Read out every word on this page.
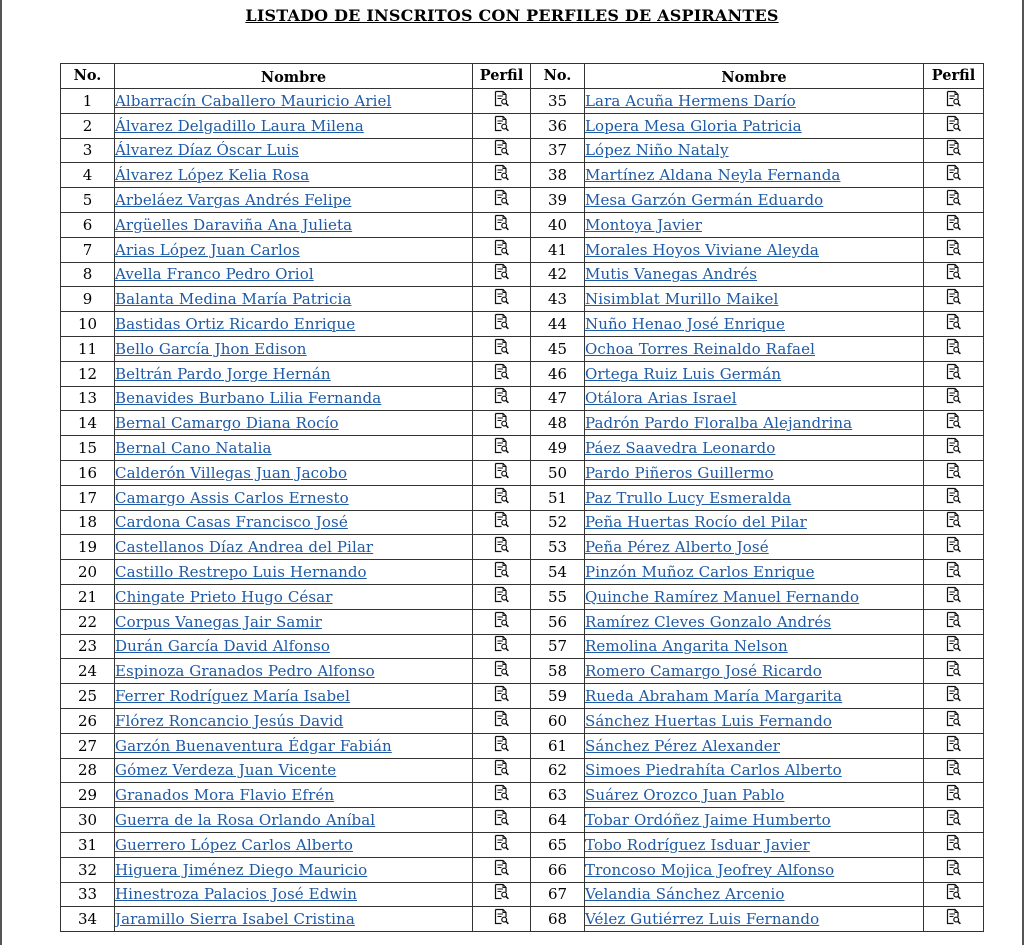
LISTADO DE INSCRITOS CON PERFILES DE ASPIRANTES
No.	Nombre	Perfil	No.	Nombre	Perfil
1	Albarracín Caballero Mauricio Ariel		35	Lara Acuña Hermens Darío	
2	Álvarez Delgadillo Laura Milena		36	Lopera Mesa Gloria Patricia	
3	Álvarez Díaz Óscar Luis		37	López Niño Nataly	
4	Álvarez López Kelia Rosa		38	Martínez Aldana Neyla Fernanda	
5	Arbeláez Vargas Andrés Felipe		39	Mesa Garzón Germán Eduardo	
6	Argüelles Daraviña Ana Julieta		40	Montoya Javier	
7	Arias López Juan Carlos		41	Morales Hoyos Viviane Aleyda	
8	Avella Franco Pedro Oriol		42	Mutis Vanegas Andrés	
9	Balanta Medina María Patricia		43	Nisimblat Murillo Maikel	
10	Bastidas Ortiz Ricardo Enrique		44	Nuño Henao José Enrique	
11	Bello García Jhon Edison		45	Ochoa Torres Reinaldo Rafael	
12	Beltrán Pardo Jorge Hernán		46	Ortega Ruiz Luis Germán	
13	Benavides Burbano Lilia Fernanda		47	Otálora Arias Israel	
14	Bernal Camargo Diana Rocío		48	Padrón Pardo Floralba Alejandrina	
15	Bernal Cano Natalia		49	Páez Saavedra Leonardo	
16	Calderón Villegas Juan Jacobo		50	Pardo Piñeros Guillermo	
17	Camargo Assis Carlos Ernesto		51	Paz Trullo Lucy Esmeralda	
18	Cardona Casas Francisco José		52	Peña Huertas Rocío del Pilar	
19	Castellanos Díaz Andrea del Pilar		53	Peña Pérez Alberto José	
20	Castillo Restrepo Luis Hernando		54	Pinzón Muñoz Carlos Enrique	
21	Chingate Prieto Hugo César		55	Quinche Ramírez Manuel Fernando	
22	Corpus Vanegas Jair Samir		56	Ramírez Cleves Gonzalo Andrés	
23	Durán García David Alfonso		57	Remolina Angarita Nelson	
24	Espinoza Granados Pedro Alfonso		58	Romero Camargo José Ricardo	
25	Ferrer Rodríguez María Isabel		59	Rueda Abraham María Margarita	
26	Flórez Roncancio Jesús David		60	Sánchez Huertas Luis Fernando	
27	Garzón Buenaventura Édgar Fabián		61	Sánchez Pérez Alexander	
28	Gómez Verdeza Juan Vicente		62	Simoes Piedrahíta Carlos Alberto	
29	Granados Mora Flavio Efrén		63	Suárez Orozco Juan Pablo	
30	Guerra de la Rosa Orlando Aníbal		64	Tobar Ordóñez Jaime Humberto	
31	Guerrero López Carlos Alberto		65	Tobo Rodríguez Isduar Javier	
32	Higuera Jiménez Diego Mauricio		66	Troncoso Mojica Jeofrey Alfonso	
33	Hinestroza Palacios José Edwin		67	Velandia Sánchez Arcenio	
34	Jaramillo Sierra Isabel Cristina		68	Vélez Gutiérrez Luis Fernando	
